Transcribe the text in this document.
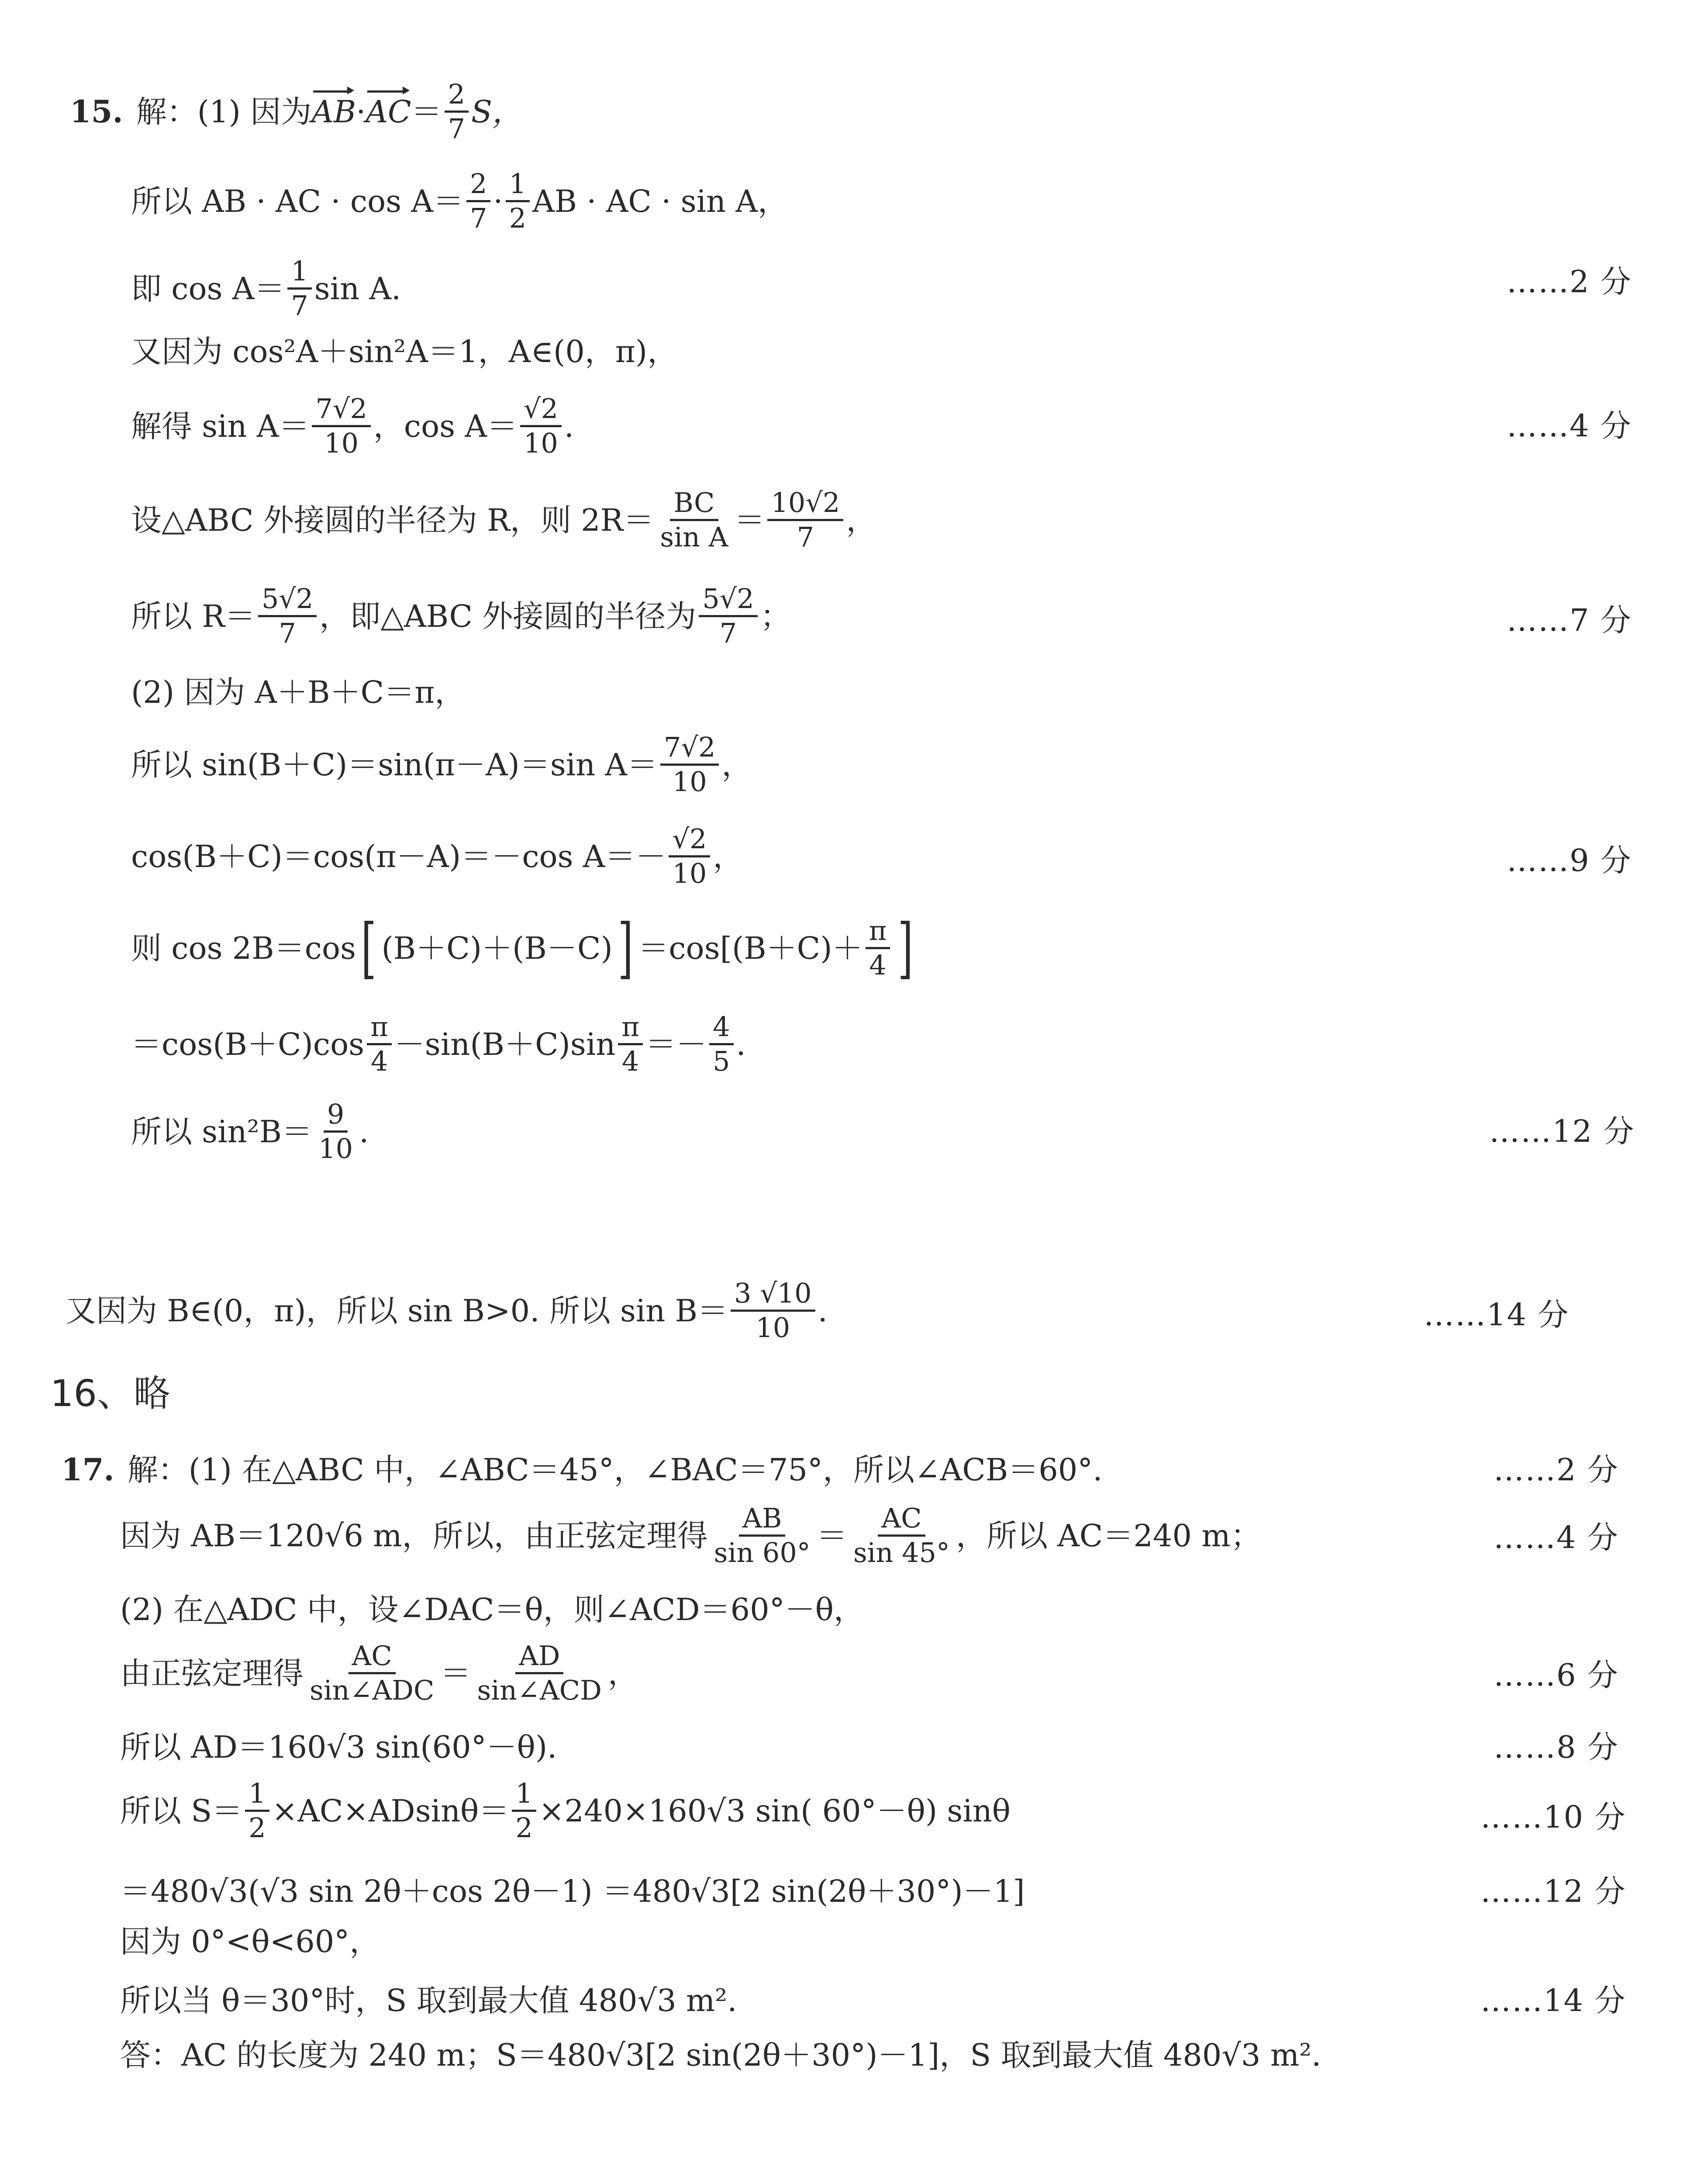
15. 解：(1) 因为 AB · AC ＝ $\frac{2}{7}$ S，
所以 AB · AC · $\cos A= \frac{2}{7} \cdot \frac{1}{2}$ AB · AC · sin A，
即 $\cos A= \frac{1}{7}$ sin A.	……2 分
又因为 cos²A＋sin²A＝1，A∈(0，π)，
解得 $\sin A= \frac{7√2}{10}$ ，$\cos A= \frac{√2}{10}$ .	……4 分
设△ABC 外接圆的半径为 R，则 $2R= \frac{BC}{\text{sin A}} = \frac{10√2}{7}$ ，
所以 $R= \frac{5√2}{7}$ ，即△ABC 外接圆的半径为 $\frac{5√2}{7}$ ；	……7 分
(2) 因为 A＋B＋C＝π，
所以 sin(B＋C)＝sin(π－A)＝sin $A= \frac{7√2}{10}$ ，
cos(B＋C)＝cos(π－A)＝－cos $A=- \frac{√2}{10}$ ，	……9 分
则 cos 2B＝cos [ (B＋C)＋(B－C) ] ＝cos [ $(B+C)+ \frac{\pi}{4}$ ]
$=\cos(B+C)\cos \frac{\pi}{4} -\sin(B+C)\sin \frac{\pi}{4} =- \frac{4}{5}$ .
所以 $\sin^2B= \frac{9}{10}$ .	……12 分
又因为 B∈(0，π)，所以 sin B>0. 所以 $\sin B= \frac{3 √10}{10}$ .	……14 分
16、略
17. 解：(1) 在△ABC 中，∠ABC＝45°，∠BAC＝75°，所以∠ACB＝60°.	……2 分
因为 AB＝120√6 m，所以，由正弦定理得 $\frac{AB}{\sin 60^\circ} = \frac{AC}{\sin 45^\circ}$ ，所以 AC＝240 m；	……4 分
(2) 在△ADC 中，设∠DAC＝θ，则∠ACD＝60°－θ，
由正弦定理得 $\frac{AC}{\text{sin∠ADC}} = \frac{AD}{\text{sin∠ACD}}$ ，	……6 分
所以 AD＝160√3 sin(60°－θ).	……8 分
所以 $S= \frac{1}{2} \times AC\times ADsin\theta= \frac{1}{2} \times 240\times 160√3$ sin( 60°－θ) sinθ	……10 分
＝480√3(√3 sin 2θ＋cos 2θ－1) ＝480√3[2 sin(2θ＋30°)－1]	……12 分
因为 0°<θ<60°，
所以当 θ＝30°时，S 取到最大值 480√3 m².	……14 分
答：AC 的长度为 240 m；S＝480√3[2 sin(2θ＋30°)－1]，S 取到最大值 480√3 m².
